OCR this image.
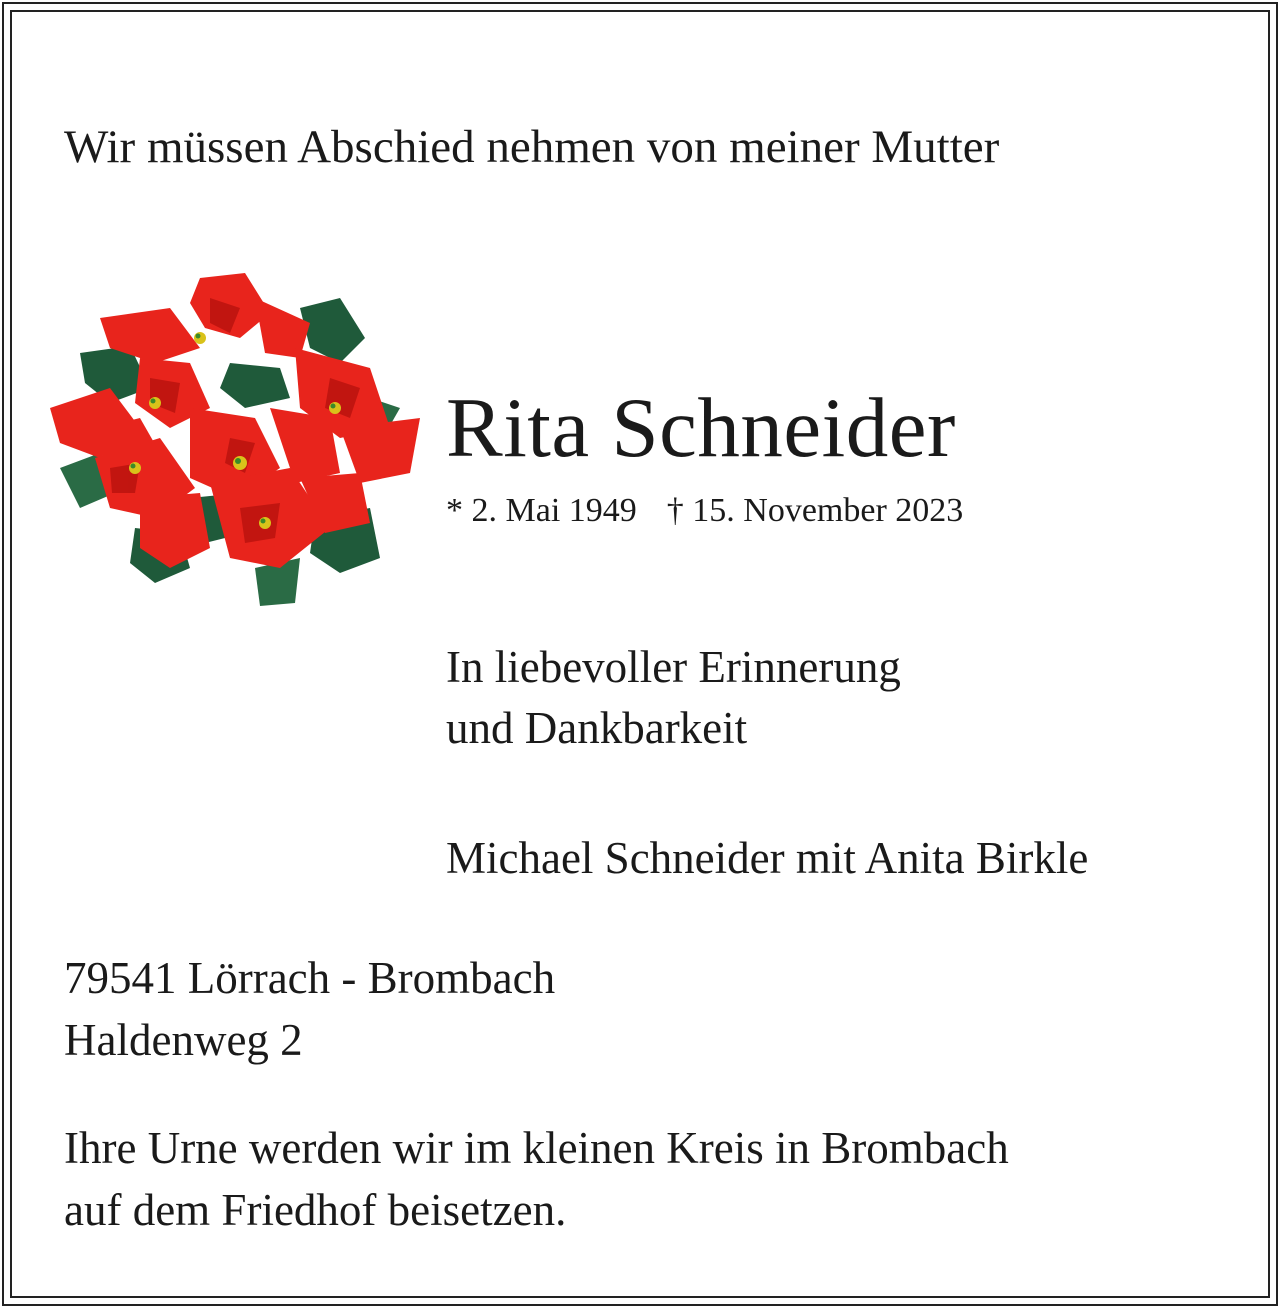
Wir müssen Abschied nehmen von meiner Mutter
Rita Schneider
* 2. Mai 1949 † 15. November 2023
In liebevoller Erinnerung
und Dankbarkeit
Michael Schneider mit Anita Birkle
79541 Lörrach - Brombach
Haldenweg 2
Ihre Urne werden wir im kleinen Kreis in Brombach
auf dem Friedhof beisetzen.
